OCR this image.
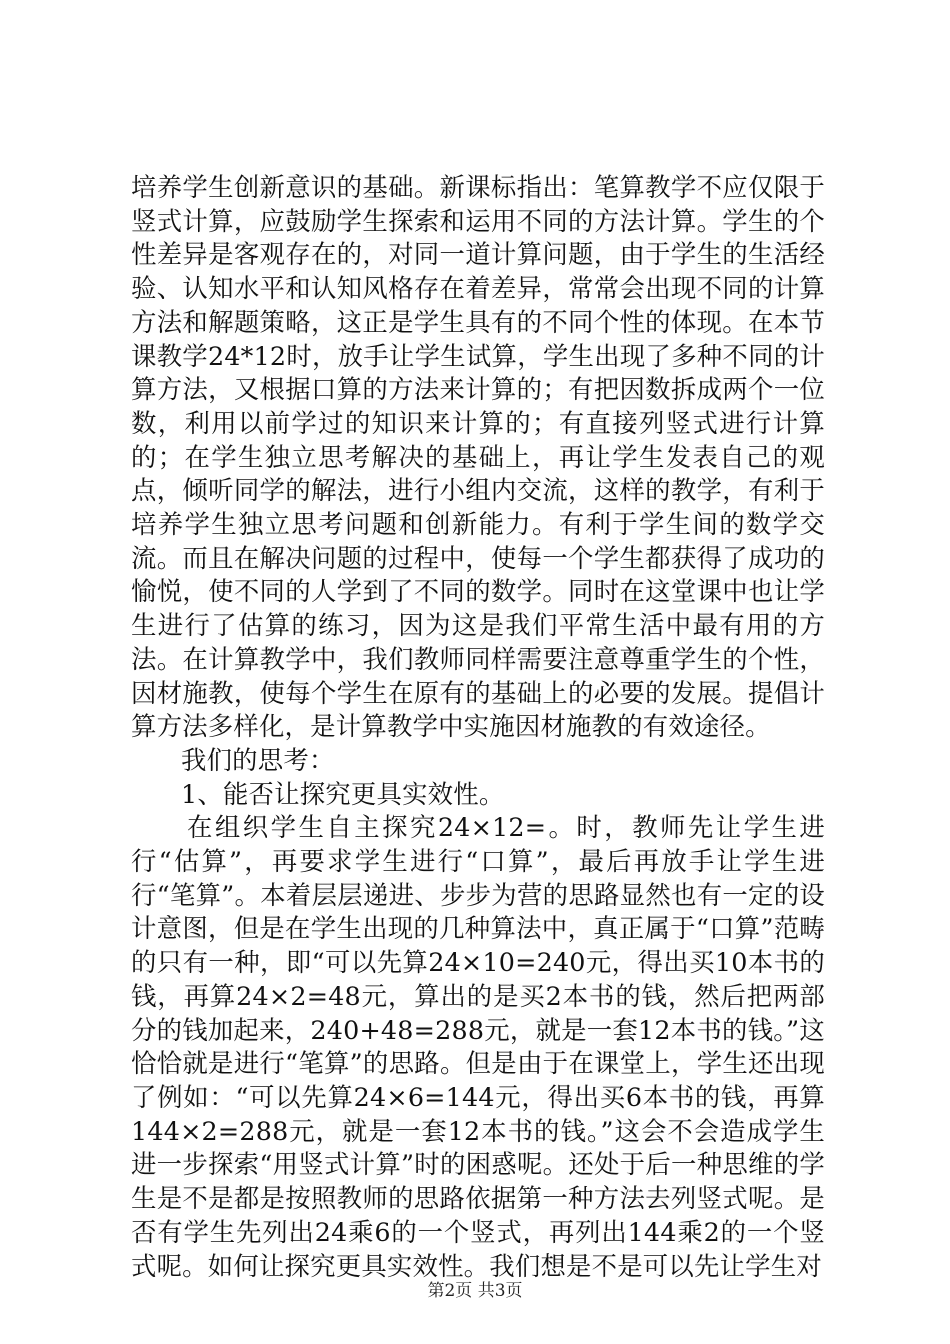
培养学生创新意识的基础。新课标指出：笔算教学不应仅限于竖式计算，应鼓励学生探索和运用不同的方法计算。学生的个性差异是客观存在的，对同一道计算问题，由于学生的生活经验、认知水平和认知风格存在着差异，常常会出现不同的计算方法和解题策略，这正是学生具有的不同个性的体现。在本节课教学24*12时，放手让学生试算，学生出现了多种不同的计算方法，又根据口算的方法来计算的；有把因数拆成两个一位数，利用以前学过的知识来计算的；有直接列竖式进行计算的；在学生独立思考解决的基础上，再让学生发表自己的观点，倾听同学的解法，进行小组内交流，这样的教学，有利于培养学生独立思考问题和创新能力。有利于学生间的数学交流。而且在解决问题的过程中，使每一个学生都获得了成功的愉悦，使不同的人学到了不同的数学。同时在这堂课中也让学生进行了估算的练习，因为这是我们平常生活中最有用的方法。在计算教学中，我们教师同样需要注意尊重学生的个性，因材施教，使每个学生在原有的基础上的必要的发展。提倡计算方法多样化，是计算教学中实施因材施教的有效途径。

我们的思考：

1、能否让探究更具实效性。

在组织学生自主探究24×12=。时，教师先让学生进行“估算”，再要求学生进行“口算”，最后再放手让学生进行“笔算”。本着层层递进、步步为营的思路显然也有一定的设计意图，但是在学生出现的几种算法中，真正属于“口算”范畴的只有一种，即“可以先算24×10=240元，得出买10本书的钱，再算24×2=48元，算出的是买2本书的钱，然后把两部分的钱加起来，240+48=288元，就是一套12本书的钱。”这恰恰就是进行“笔算”的思路。但是由于在课堂上，学生还出现了例如：“可以先算24×6=144元，得出买6本书的钱，再算144×2=288元，就是一套12本书的钱。”这会不会造成学生进一步探索“用竖式计算”时的困惑呢。还处于后一种思维的学生是不是都是按照教师的思路依据第一种方法去列竖式呢。是否有学生先列出24乘6的一个竖式，再列出144乘2的一个竖式呢。如何让探究更具实效性。我们想是不是可以先让学生对

第2页 共3页
